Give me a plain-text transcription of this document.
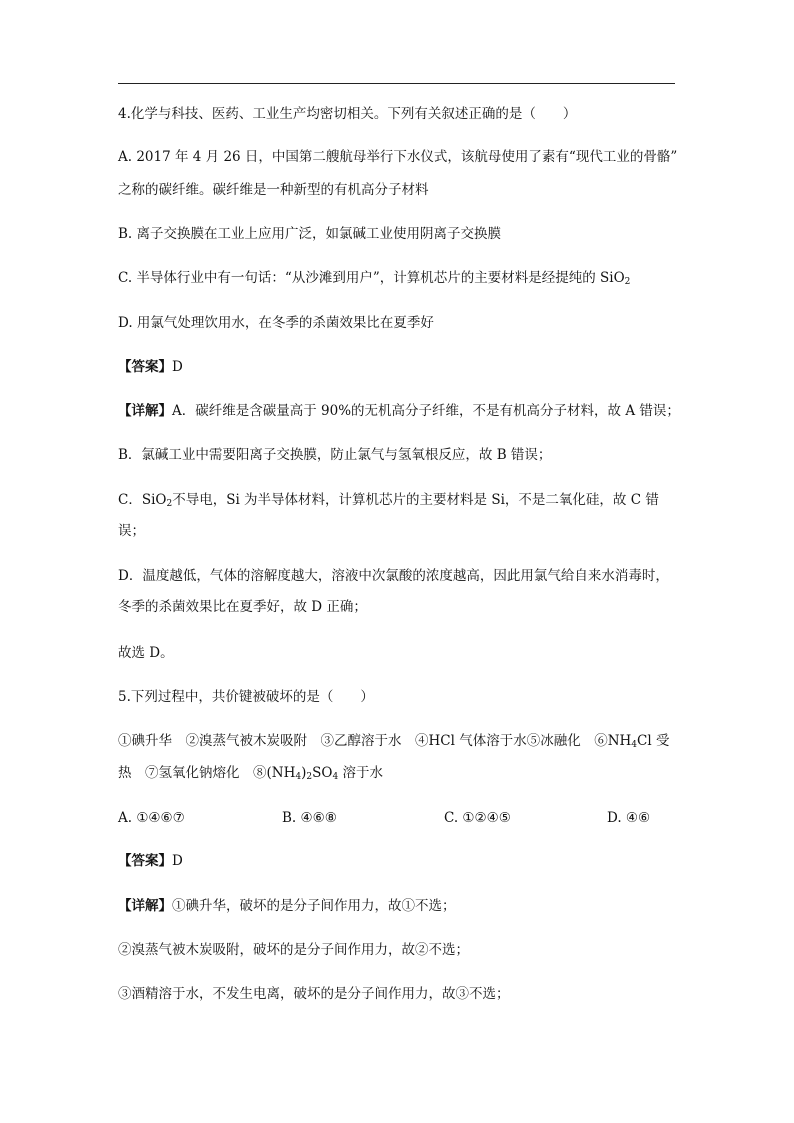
4.化学与科技、医药、工业生产均密切相关。下列有关叙述正确的是（　　）
A. 2017 年 4 月 26 日，中国第二艘航母举行下水仪式，该航母使用了素有“现代工业的骨骼”
之称的碳纤维。碳纤维是一种新型的有机高分子材料
B. 离子交换膜在工业上应用广泛，如氯碱工业使用阴离子交换膜
C. 半导体行业中有一句话：“从沙滩到用户”，计算机芯片的主要材料是经提纯的 SiO$_2$
D. 用氯气处理饮用水，在冬季的杀菌效果比在夏季好
【答案】D
【详解】A．碳纤维是含碳量高于 90%的无机高分子纤维，不是有机高分子材料，故 A 错误；
B．氯碱工业中需要阳离子交换膜，防止氯气与氢氧根反应，故 B 错误；
C．SiO$_2$不导电，Si 为半导体材料，计算机芯片的主要材料是 Si，不是二氧化硅，故 C 错
误；
D．温度越低，气体的溶解度越大，溶液中次氯酸的浓度越高，因此用氯气给自来水消毒时，
冬季的杀菌效果比在夏季好，故 D 正确；
故选 D。
5.下列过程中，共价键被破坏的是（　　）
①碘升华　②溴蒸气被木炭吸附　③乙醇溶于水　④HCl 气体溶于水⑤冰融化　$⑥NH_4Cl$ 受
热　⑦氢氧化钠熔化　$⑧(NH_4)_2SO_4$ 溶于水
A. ①④⑥⑦	B. ④⑥⑧	C. ①②④⑤	D. ④⑥
【答案】D
【详解】①碘升华，破坏的是分子间作用力，故①不选；
②溴蒸气被木炭吸附，破坏的是分子间作用力，故②不选；
③酒精溶于水，不发生电离，破坏的是分子间作用力，故③不选；
